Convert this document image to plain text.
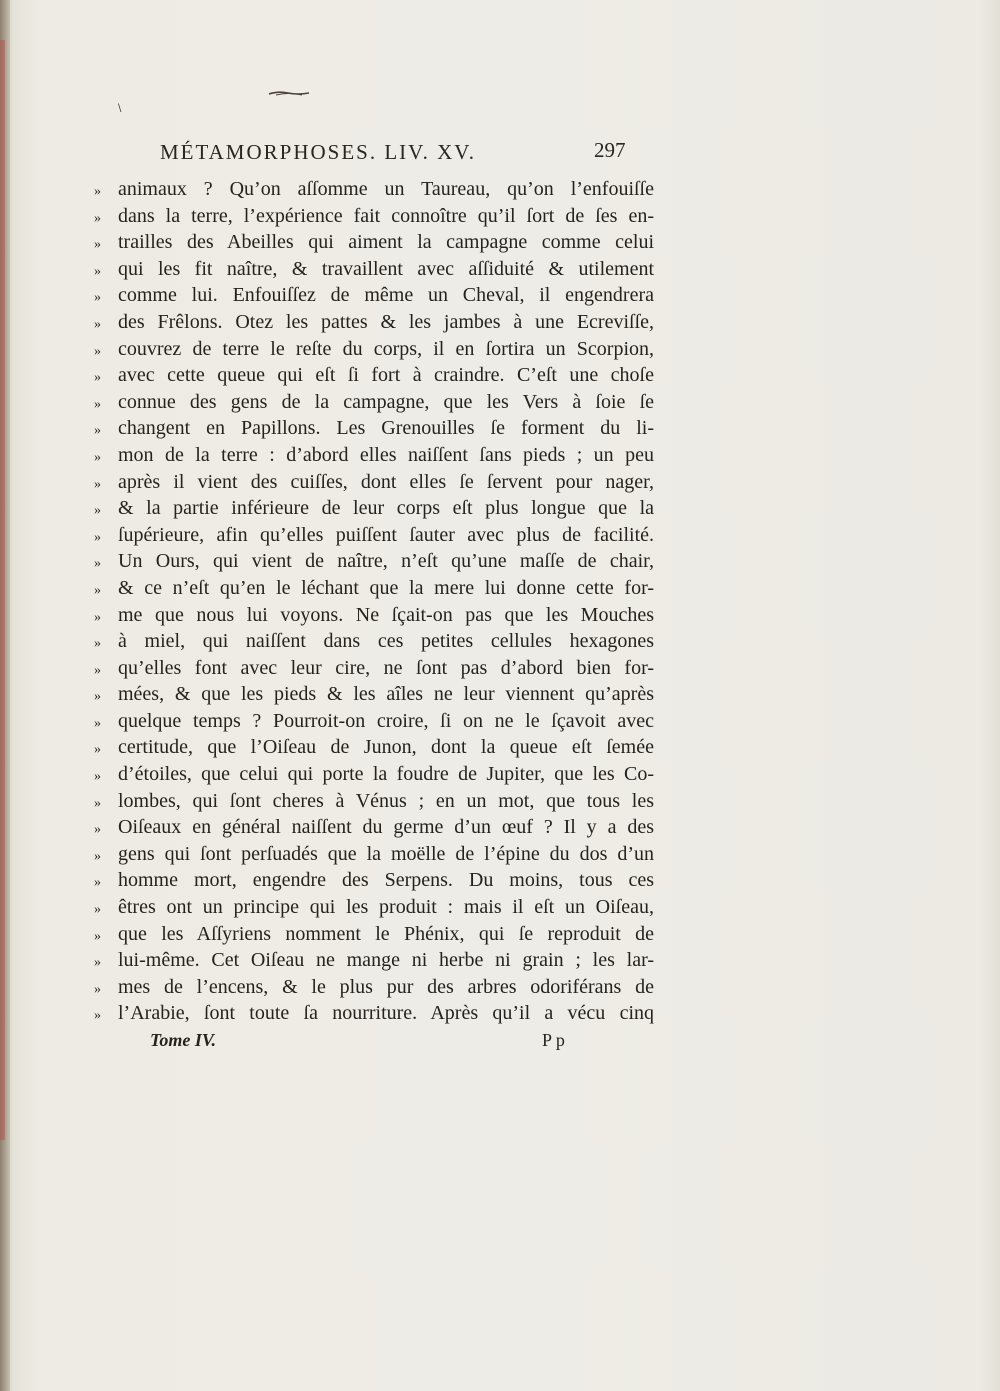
\
MÉTAMORPHOSES. LIV. XV.	297
» animaux ? Qu’on aſſomme un Taureau, qu’on l’enfouiſſe
» dans la terre, l’expérience fait connoître qu’il ſort de ſes en-
» trailles des Abeilles qui aiment la campagne comme celui
» qui les fit naître, & travaillent avec aſſiduité & utilement
» comme lui. Enfouiſſez de même un Cheval, il engendrera
» des Frêlons. Otez les pattes & les jambes à une Ecreviſſe,
» couvrez de terre le reſte du corps, il en ſortira un Scorpion,
» avec cette queue qui eſt ſi fort à craindre. C’eſt une choſe
» connue des gens de la campagne, que les Vers à ſoie ſe
» changent en Papillons. Les Grenouilles ſe forment du li-
» mon de la terre : d’abord elles naiſſent ſans pieds ; un peu
» après il vient des cuiſſes, dont elles ſe ſervent pour nager,
» & la partie inférieure de leur corps eſt plus longue que la
» ſupérieure, afin qu’elles puiſſent ſauter avec plus de facilité.
» Un Ours, qui vient de naître, n’eſt qu’une maſſe de chair,
» & ce n’eſt qu’en le léchant que la mere lui donne cette for-
» me que nous lui voyons. Ne ſçait-on pas que les Mouches
» à miel, qui naiſſent dans ces petites cellules hexagones
» qu’elles font avec leur cire, ne ſont pas d’abord bien for-
» mées, & que les pieds & les aîles ne leur viennent qu’après
» quelque temps ? Pourroit-on croire, ſi on ne le ſçavoit avec
» certitude, que l’Oiſeau de Junon, dont la queue eſt ſemée
» d’étoiles, que celui qui porte la foudre de Jupiter, que les Co-
» lombes, qui ſont cheres à Vénus ; en un mot, que tous les
» Oiſeaux en général naiſſent du germe d’un œuf ? Il y a des
» gens qui ſont perſuadés que la moëlle de l’épine du dos d’un
» homme mort, engendre des Serpens. Du moins, tous ces
» êtres ont un principe qui les produit : mais il eſt un Oiſeau,
» que les Aſſyriens nomment le Phénix, qui ſe reproduit de
» lui-même. Cet Oiſeau ne mange ni herbe ni grain ; les lar-
» mes de l’encens, & le plus pur des arbres odoriférans de
» l’Arabie, ſont toute ſa nourriture. Après qu’il a vécu cinq
Tome IV.	P p
